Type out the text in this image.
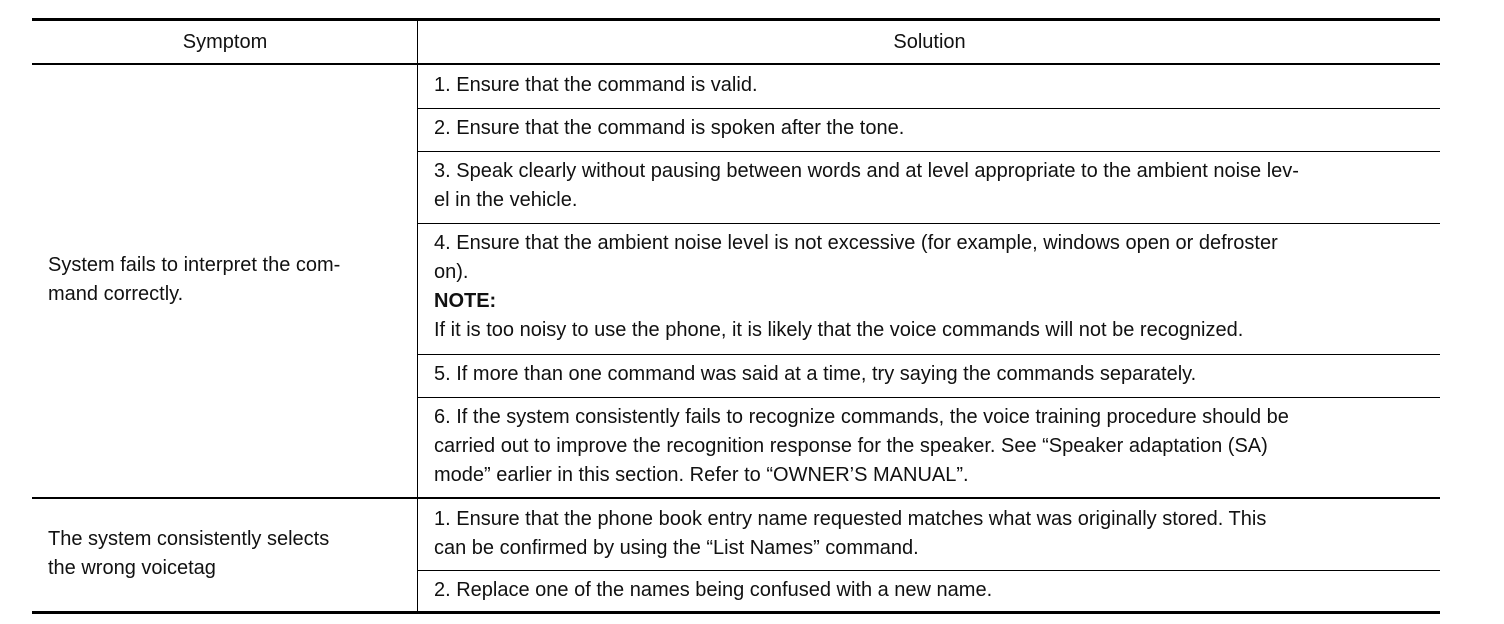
Symptom	Solution
System fails to interpret the com-
mand correctly.
1. Ensure that the command is valid.
2. Ensure that the command is spoken after the tone.
3. Speak clearly without pausing between words and at level appropriate to the ambient noise lev-
el in the vehicle.
4. Ensure that the ambient noise level is not excessive (for example, windows open or defroster
on).
NOTE:
If it is too noisy to use the phone, it is likely that the voice commands will not be recognized.
5. If more than one command was said at a time, try saying the commands separately.
6. If the system consistently fails to recognize commands, the voice training procedure should be
carried out to improve the recognition response for the speaker. See “Speaker adaptation (SA)
mode” earlier in this section. Refer to “OWNER’S MANUAL”.
The system consistently selects
the wrong voicetag
1. Ensure that the phone book entry name requested matches what was originally stored. This
can be confirmed by using the “List Names” command.
2. Replace one of the names being confused with a new name.
